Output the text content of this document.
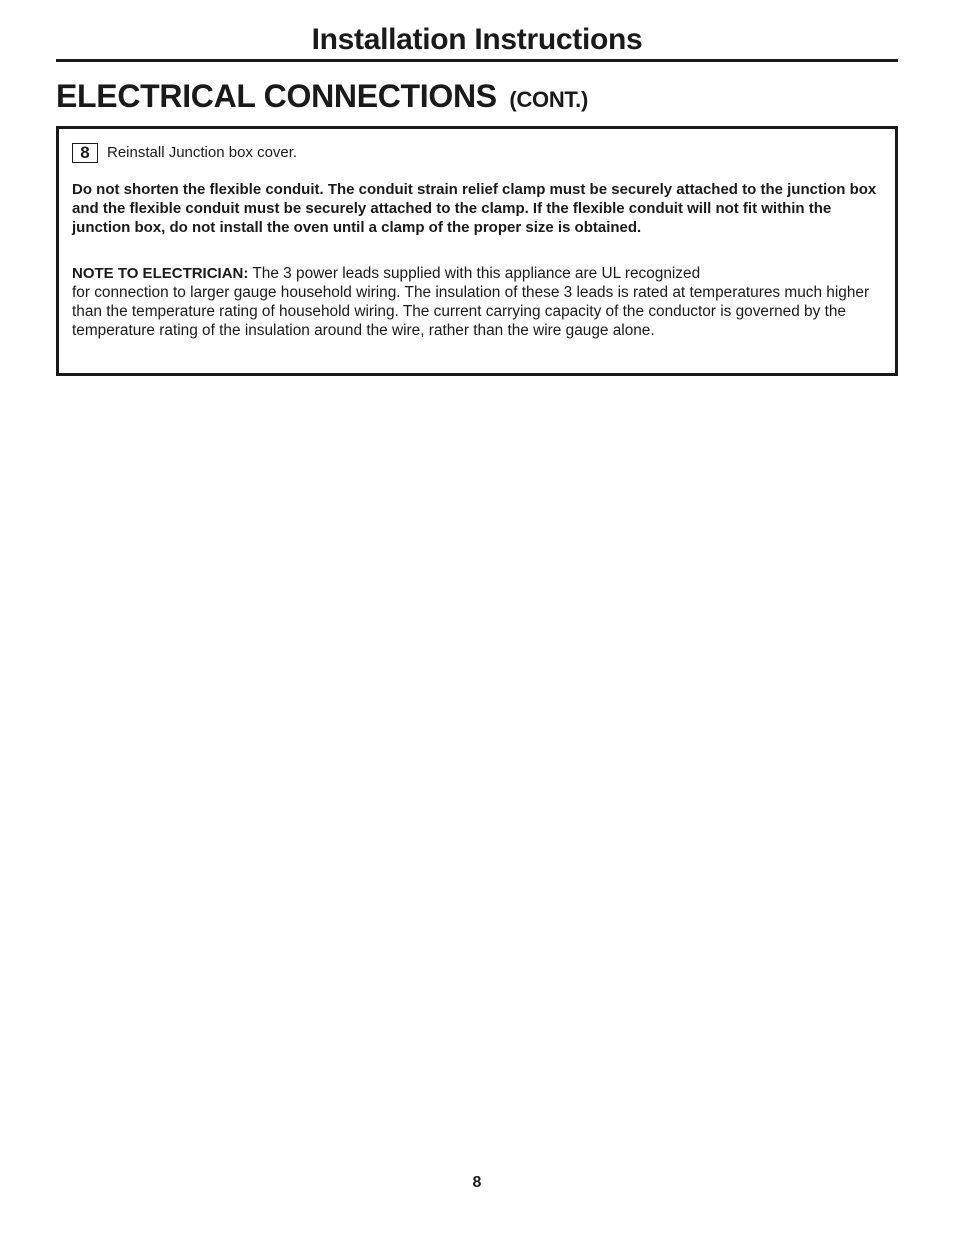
Installation Instructions
ELECTRICAL CONNECTIONS (CONT.)
8	Reinstall Junction box cover.

Do not shorten the flexible conduit. The conduit strain relief clamp must be securely attached to the junction box and the flexible conduit must be securely attached to the clamp. If the flexible conduit will not fit within the junction box, do not install the oven until a clamp of the proper size is obtained.

NOTE TO ELECTRICIAN: The 3 power leads supplied with this appliance are UL recognized
for connection to larger gauge household wiring. The insulation of these 3 leads is rated at temperatures much higher than the temperature rating of household wiring. The current carrying capacity of the conductor is governed by the temperature rating of the insulation around the wire, rather than the wire gauge alone.

8
